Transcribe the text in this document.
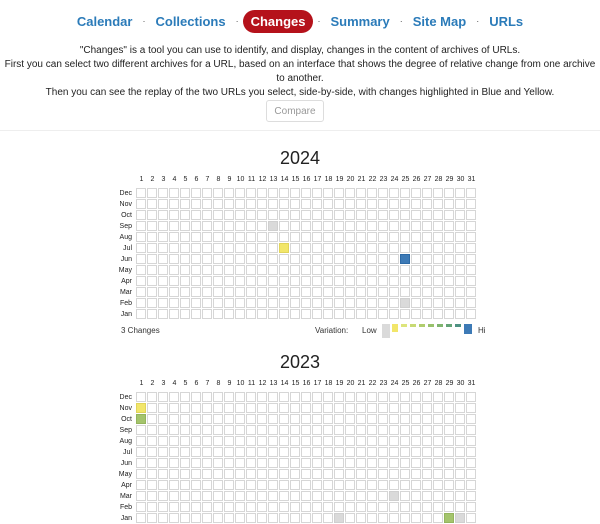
Calendar	· Collections	· Changes	· Summary	· Site Map	· URLs
"Changes" is a tool you can use to identify, and display, changes in the content of archives of URLs.
First you can select two different archives for a URL, based on an interface that shows the degree of relative change from one archive to another.
Then you can see the replay of the two URLs you select, side-by-side, with changes highlighted in Blue and Yellow.
Compare
2024
1	2	3	4	5	6	7	8	9 10 11 12 13 14 15 16 17 18 19 20 21 22 23 24 25 26 27 28 29 30 31
Dec
Nov
Oct
Sep
Aug
Jul
Jun
May
Apr
Mar
Feb
Jan
3 Changes	Variation: Low	Hi
2023
1	2	3	4	5	6	7	8	9 10 11 12 13 14 15 16 17 18 19 20 21 22 23 24 25 26 27 28 29 30 31
Dec
Nov
Oct
Sep
Aug
Jul
Jun
May
Apr
Mar
Feb
Jan
